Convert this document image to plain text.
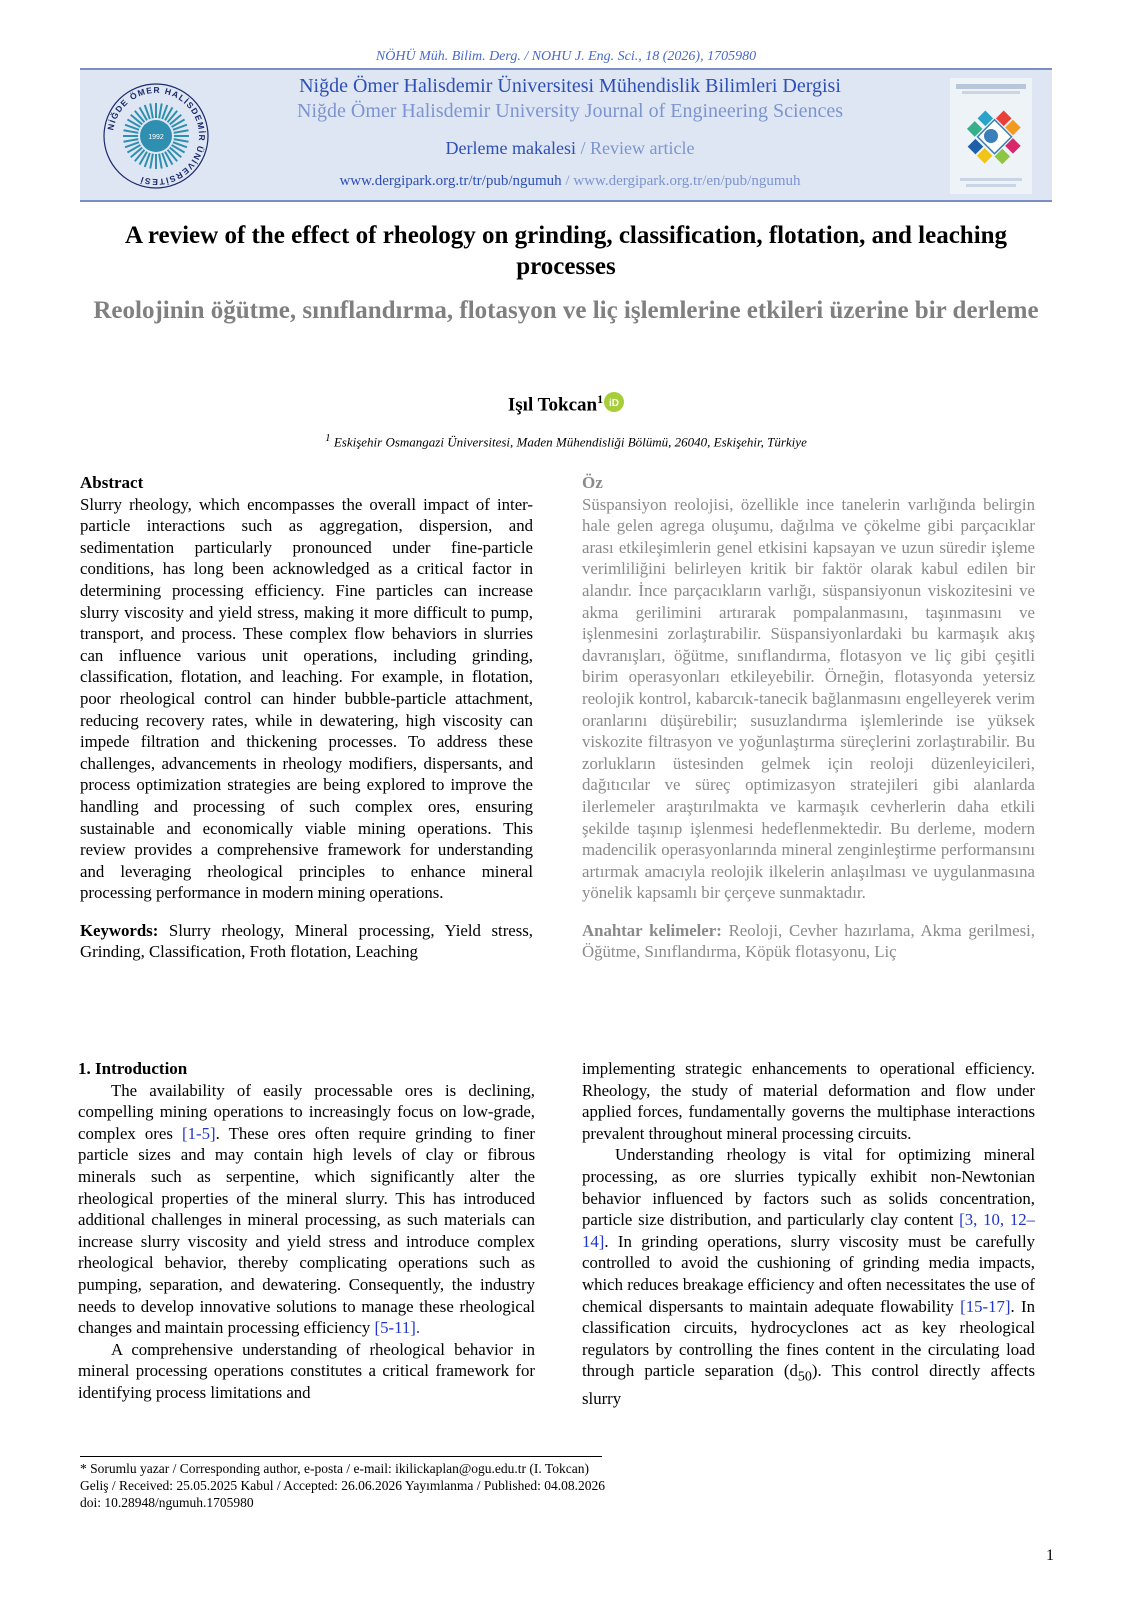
NÖHÜ Müh. Bilim. Derg. / NOHU J. Eng. Sci., 18 (2026), 1705980
1992
NİĞDE ÖMER HALİSDEMİR ÜNİVERSİTESİ
Niğde Ömer Halisdemir Üniversitesi Mühendislik Bilimleri Dergisi
Niğde Ömer Halisdemir University Journal of Engineering Sciences
Derleme makalesi / Review article
www.dergipark.org.tr/tr/pub/ngumuh / www.dergipark.org.tr/en/pub/ngumuh
A review of the effect of rheology on grinding, classification, flotation, and leaching processes
Reolojinin öğütme, sınıflandırma, flotasyon ve liç işlemlerine etkileri üzerine bir derleme
Işıl Tokcan$^1$ iD
$^1$ Eskişehir Osmangazi Üniversitesi, Maden Mühendisliği Bölümü, 26040, Eskişehir, Türkiye

Abstract

Slurry rheology, which encompasses the overall impact of inter-particle interactions such as aggregation, dispersion, and sedimentation particularly pronounced under fine-particle conditions, has long been acknowledged as a critical factor in determining processing efficiency. Fine particles can increase slurry viscosity and yield stress, making it more difficult to pump, transport, and process. These complex flow behaviors in slurries can influence various unit operations, including grinding, classification, flotation, and leaching. For example, in flotation, poor rheological control can hinder bubble-particle attachment, reducing recovery rates, while in dewatering, high viscosity can impede filtration and thickening processes. To address these challenges, advancements in rheology modifiers, dispersants, and process optimization strategies are being explored to improve the handling and processing of such complex ores, ensuring sustainable and economically viable mining operations. This review provides a comprehensive framework for understanding and leveraging rheological principles to enhance mineral processing performance in modern mining operations.

Keywords: Slurry rheology, Mineral processing, Yield stress, Grinding, Classification, Froth flotation, Leaching

Öz

Süspansiyon reolojisi, özellikle ince tanelerin varlığında belirgin hale gelen agrega oluşumu, dağılma ve çökelme gibi parçacıklar arası etkileşimlerin genel etkisini kapsayan ve uzun süredir işleme verimliliğini belirleyen kritik bir faktör olarak kabul edilen bir alandır. İnce parçacıkların varlığı, süspansiyonun viskozitesini ve akma gerilimini artırarak pompalanmasını, taşınmasını ve işlenmesini zorlaştırabilir. Süspansiyonlardaki bu karmaşık akış davranışları, öğütme, sınıflandırma, flotasyon ve liç gibi çeşitli birim operasyonları etkileyebilir. Örneğin, flotasyonda yetersiz reolojik kontrol, kabarcık-tanecik bağlanmasını engelleyerek verim oranlarını düşürebilir; susuzlandırma işlemlerinde ise yüksek viskozite filtrasyon ve yoğunlaştırma süreçlerini zorlaştırabilir. Bu zorlukların üstesinden gelmek için reoloji düzenleyicileri, dağıtıcılar ve süreç optimizasyon stratejileri gibi alanlarda ilerlemeler araştırılmakta ve karmaşık cevherlerin daha etkili şekilde taşınıp işlenmesi hedeflenmektedir. Bu derleme, modern madencilik operasyonlarında mineral zenginleştirme performansını artırmak amacıyla reolojik ilkelerin anlaşılması ve uygulanmasına yönelik kapsamlı bir çerçeve sunmaktadır.

Anahtar kelimeler: Reoloji, Cevher hazırlama, Akma gerilmesi, Öğütme, Sınıflandırma, Köpük flotasyonu, Liç

1. Introduction

The availability of easily processable ores is declining, compelling mining operations to increasingly focus on low-grade, complex ores [1-5]. These ores often require grinding to finer particle sizes and may contain high levels of clay or fibrous minerals such as serpentine, which significantly alter the rheological properties of the mineral slurry. This has introduced additional challenges in mineral processing, as such materials can increase slurry viscosity and yield stress and introduce complex rheological behavior, thereby complicating operations such as pumping, separation, and dewatering. Consequently, the industry needs to develop innovative solutions to manage these rheological changes and maintain processing efficiency [5-11].

A comprehensive understanding of rheological behavior in mineral processing operations constitutes a critical framework for identifying process limitations and

implementing strategic enhancements to operational efficiency. Rheology, the study of material deformation and flow under applied forces, fundamentally governs the multiphase interactions prevalent throughout mineral processing circuits.

Understanding rheology is vital for optimizing mineral processing, as ore slurries typically exhibit non-Newtonian behavior influenced by factors such as solids concentration, particle size distribution, and particularly clay content [3, 10, 12–14]. In grinding operations, slurry viscosity must be carefully controlled to avoid the cushioning of grinding media impacts, which reduces breakage efficiency and often necessitates the use of chemical dispersants to maintain adequate flowability [15-17]. In classification circuits, hydrocyclones act as key rheological regulators by controlling the fines content in the circulating load through particle separation $(d_{50})$. This control directly affects slurry

* Sorumlu yazar / Corresponding author, e-posta / e-mail: ikilickaplan@ogu.edu.tr (I. Tokcan)
Geliş / Received: 25.05.2025 Kabul / Accepted: 26.06.2026 Yayımlanma / Published: 04.08.2026
doi: 10.28948/ngumuh.1705980
1
